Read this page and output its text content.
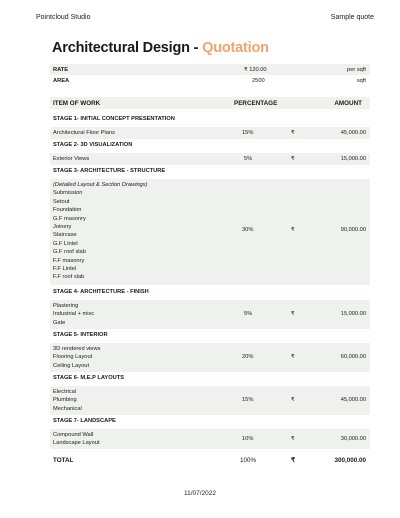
Pointcloud Studio	Sample quote
Architectural Design - Quotation
RATE	₹ 120.00	per sqft
AREA	2500	sqft
ITEM OF WORK	PERCENTAGE	AMOUNT
STAGE 1- INITIAL CONCEPT PRESENTATION
Architectural Floor Plans	15%	₹	45,000.00
STAGE 2- 3D VISUALIZATION
Exterior Views	5%	₹	15,000.00
STAGE 3- ARCHITECTURE - STRUCTURE
(Detailed Layout & Section Drawings)
Submission
Setout
Foundation
G.F masonry
Joinery
Staircase
G.F Lintel
G.F roof slab
F.F masonry
F.F Lintel
F.F roof slab
30%	₹	90,000.00
STAGE 4- ARCHITECTURE - FINISH
Plastering
Industrial + misc
Gate
5%	₹	15,000.00
STAGE 5- INTERIOR
3D rendered views
Flooring Layout
Ceiling Layout
20%	₹	60,000.00
STAGE 6- M.E.P LAYOUTS
Electrical
Plumbing
Mechanical
15%	₹	45,000.00
STAGE 7- LANDSCAPE
Compound Wall
Landscape Layout
10%	₹	30,000.00
TOTAL	100%	₹	300,000.00
11/07/2022
